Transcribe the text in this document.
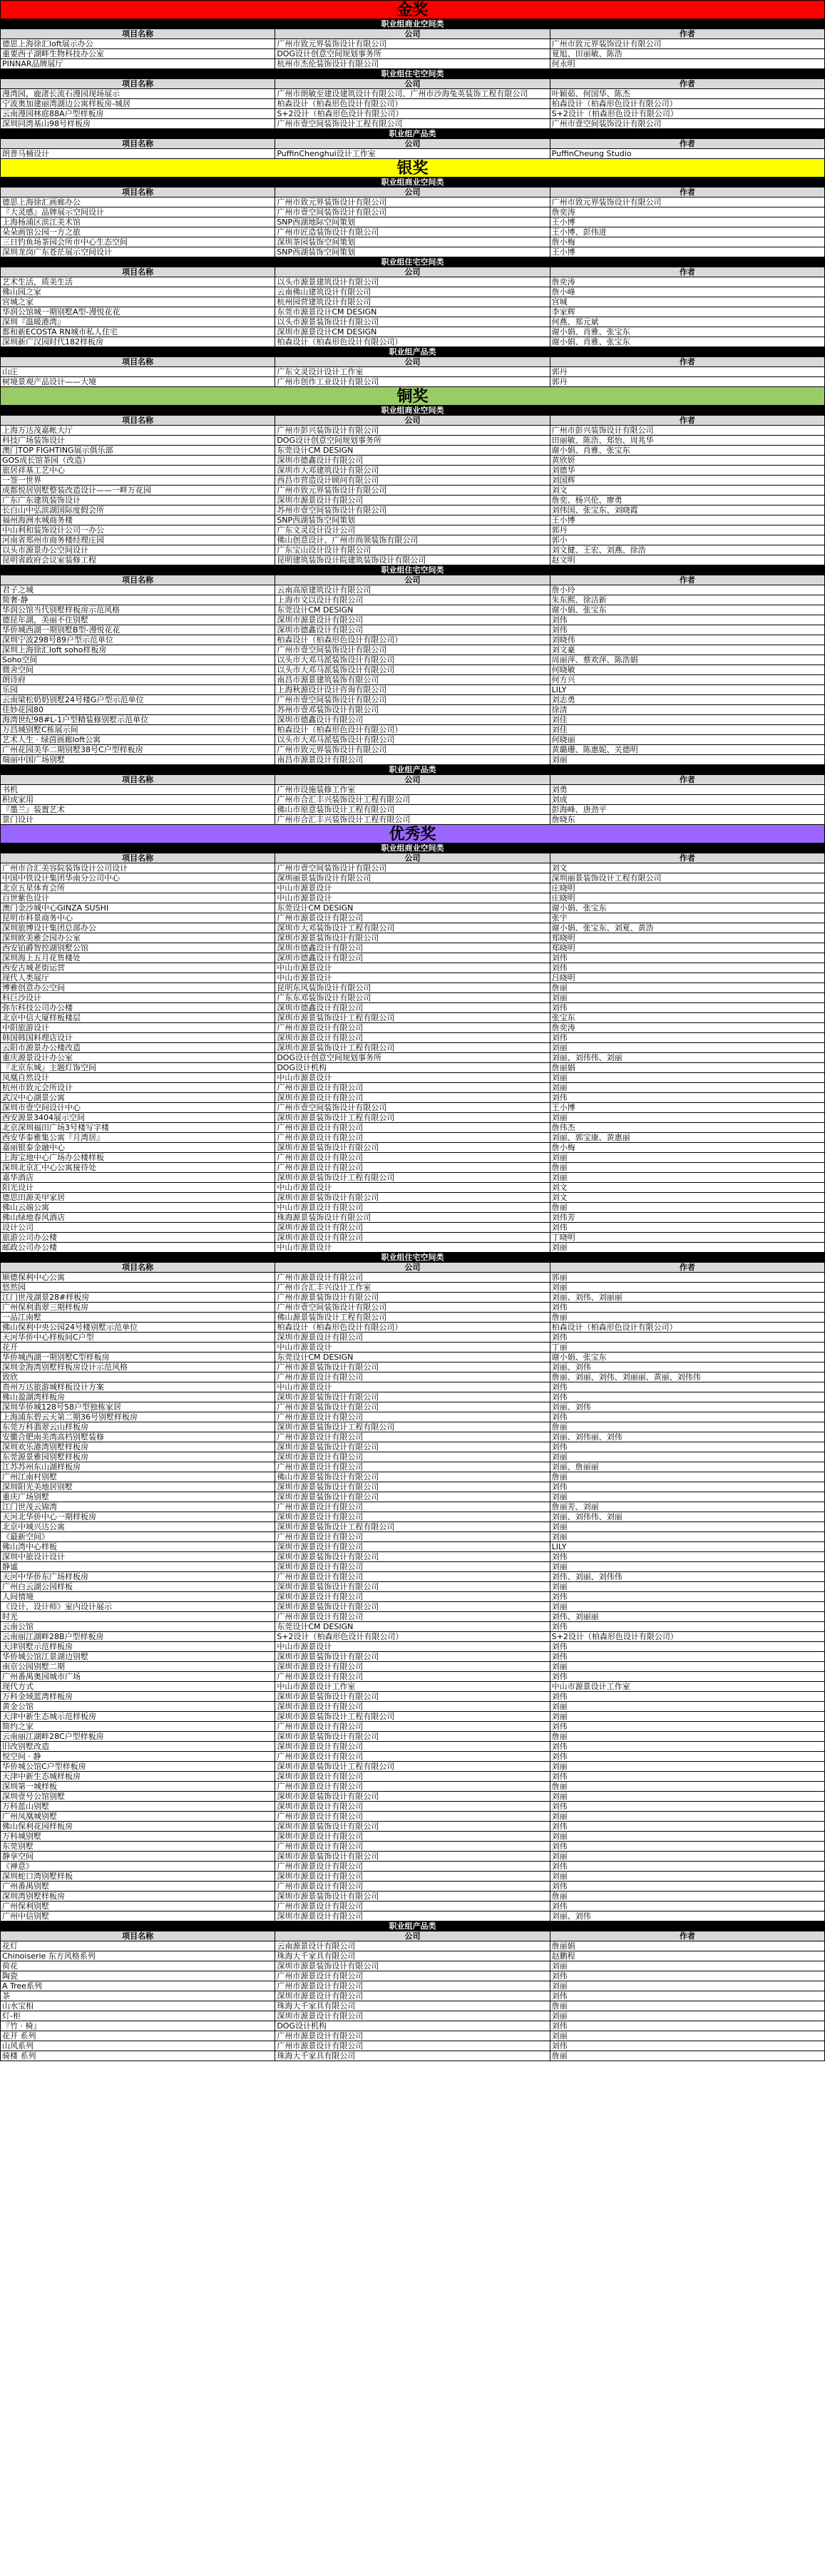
金奖		
职业组商业空间类		
项目名称	公司	作者
德思上海徐汇loft展示办公	广州市致元界装饰设计有限公司	广州市致元界装饰设计有限公司
重要西子湖畔生物科技办公室	DOG设计创意空间规划事务所	夏旭、田丽敏、陈浩
PINNAR品牌展厅	杭州市杰伦装饰设计有限公司	何永明
职业组住宅空间类		
项目名称	公司	作者
漫湾园，鹿渚长流石漫园现场展示	广州市朗敏至建设建筑设计有限公司、广州市沙海兔英装饰工程有限公司	叶颖茹、何国华、陈杰
宁波奥加建丽湾湖边公寓样板房-城居	柏森设计（柏森形色设计有限公司）	柏森设计（柏森形色设计有限公司）
云南漫园林庭88A户型样板房	S+2设计（柏森形色设计有限公司）	S+2设计（柏森形色设计有限公司）
深圳同湾基山98号样板房	广州市壹空间装饰设计工程有限公司	广州市壹空间装饰设计有限公司
职业组产品类		
项目名称	公司	作者
朗普马桶设计	PuffinChenghui设计工作室	PuffinCheung Studio
银奖		
职业组商业空间类		
项目名称	公司	作者
德思上海徐汇画廊办公	广州市致元界装饰设计有限公司	广州市致元界装饰设计有限公司
『大灵感』品牌展示空间设计	广州市壹空间装饰设计有限公司	詹奕涛
上海杨浦区滨江美术馆	SNP西湖地际空间策划	王小博
朵朵画馆公园一方之旅	广州市匠造装饰设计有限公司	王小博、彭伟进
三日钓鱼场茶园会所市中心生态空间	深圳茶园装饰空间策划	詹小梅
深圳龙岗广东苍茫展示空间设计	SNP西湖装饰空间策划	王小博
职业组住宅空间类		
项目名称	公司	作者
艺术生活，质美生活	以头市源景建筑设计有限公司	詹奕涛
佛山园之家	云南佛山建筑设计有限公司	詹小峰
宫城之家	杭州园营建筑设计有限公司	宫城
华润公馆城一期别墅A型-漫悦花花	东莞市源景设计CM DESIGN	李家辉
深圳『温暖港湾』	以头市源景装饰设计有限公司	何燕、郑元斌
都和新ECOSTA RN城市私人住宅	深圳市源景设计CM DESIGN	谢小娟、肖雅、张宝东
深圳新广汉园时代182样板房	柏森设计（柏森形色设计有限公司）	谢小娟、肖雅、张宝东
职业组产品类		
项目名称	公司	作者
山庄	广东文灵设计设计工作室	郭丹
树境景观产品设计——大境	广州市创作工业设计有限公司	郭丹
铜奖		
职业组商业空间类		
项目名称	公司	作者
上海万达茂嘉帐大厅	广州市彭兴装饰设计有限公司	广州市彭兴装饰设计有限公司
科技广场装饰设计	DOG设计创意空间规划事务所	田丽敏、陈浩、郑怡、周兆华
澳门TOP FIGHTING展示俱乐部	东莞设计CM DESIGN	谢小娟、肖雅、张宝东
GOS成长馆茶园（改造）	深圳市德鑫设计有限公司	黄欣妍
旅居祥基工艺中心	深圳市大邓建筑设计有限公司	刘德华
一签一世界	西昌市营造设计顾问有限公司	刘国辉
成都悦居别墅整装改造设计——一畔万花园	广州市致元界装饰设计有限公司	刘文
广东广东建筑装饰设计	深圳市源景设计有限公司	詹奕、杨兴伦、廖勇
长白山中弘滨湖国际度假会所	苏州市壹空间装饰设计有限公司	刘伟国、张宝东、刘晓霞
福州海洲水城商务楼	SNP西湖装饰空间策划	王小博
中山利和装饰设计公司一办公	广东文灵设计设计公司	郭丹
河南省郑州市商务楼经理庄园	佛山创意设计、广州市尚领装饰有限公司	郭小
以头市源景办公空间设计	广东宝山设计设计有限公司	刘文健、王宏、刘燕、徐浩
昆明省政府会议室装修工程	昆明建筑装饰设计院建筑装饰设计有限公司	赵文明
职业组住宅空间类		
项目名称	公司	作者
君子之城	云南高原建筑设计有限公司	詹小玲
简奢·静	上海市文以设计有限公司	朱东熙、徐洁新
华润公馆当代别墅样板房示范风格	东莞设计CM DESIGN	谢小娟、张宝东
德昆年湖，美丽不住别墅	深圳市源景设计有限公司	刘伟
华侨城西湖一期别墅B型-漫悦花花	深圳市德鑫设计有限公司	刘伟
深圳宁波298号89户型示范单位	柏森设计（柏森形色设计有限公司）	刘晓伟
深圳上海徐汇loft soho样板房	广州市壹空间装饰设计有限公司	刘文豪
Soho空间	以头市大邓马派装饰设计有限公司	周丽萍、蔡欢萍、陈浩娟
微舍空间	以头市大邓马派装饰设计有限公司	何晓敏
朗诗府	南昌市源景建筑装饰有限公司	何方兴
乐园	上海秋源设计设计咨询有限公司	LILY
云南梁松奶奶别墅24号楼G户型示范单位	广州市壹空间装饰设计有限公司	刘志勇
佳妙花园80	苏州市壹邓装饰设计有限公司	徐清
海湾世纪98#L-1户型精装修别墅示范单位	深圳市德鑫设计有限公司	刘佳
万昌城别墅C栋展示间	柏森设计（柏森形色设计有限公司）	刘佳
艺术人生 · 绿茵画廊loft公寓	以头市大邓马派装饰设计有限公司	何晓丽
广州花园美华二期别墅38号C户型样板房	广州市致元界装饰设计有限公司	黄璐珊、陈惠妮、关德明
瑞丽中国广场别墅	南昌市源景设计有限公司	刘丽
职业组产品类		
项目名称	公司	作者
书机	广州市设施装修工作室	刘勇
积成家用	广州市合汇丰兴装饰设计工程有限公司	刘成
『墨兰』装置艺术	佛山市原意装饰设计工程有限公司	彭海峰、唐劲平
景门设计	广州市合汇丰兴装饰设计工程有限公司	詹晓东
优秀奖		
职业组商业空间类		
项目名称	公司	作者
广州市合汇美容院装饰设计公司设计	广州市壹空间装饰设计有限公司	刘文
中国中铁设计集团华南分公司中心	深圳丽景装饰设计有限公司	深圳丽景装饰设计工程有限公司
北京五星体育会所	中山市源景设计	庄晓明
百世紫色设计	中山市源景设计	庄晓明
澳门金沙城中心GINZA SUSHI	东莞设计CM DESIGN	谢小娟、张宝东
昆明市科景商务中心	广州市源景设计有限公司	张宇
深圳旅博设计集团总部办公	深圳市大邓装饰设计工程有限公司	谢小娟、张宝东、刘夏、黄浩
深圳欧美雅会园办公室	深圳市源景装饰设计有限公司	郑晓明
西安铂爵智控湖别墅公馆	深圳市德鑫设计有限公司	郑晓明
深圳海上五月花售楼处	深圳市德鑫设计有限公司	刘伟
西安古城老街运营	中山市源景设计	刘伟
现代人类展厅	中山市源景设计	吕晓明
博雅创意办公空间	昆明东风装饰设计有限公司	詹丽
科巨沙设计	广东东邓装饰设计有限公司	刘丽
弥尔科技公司办公楼	深圳市德鑫设计有限公司	刘伟
北京中信大厦样板楼层	深圳市源景装饰设计工程有限公司	张宝东
中阳旅游设计	广州市源景设计有限公司	詹奕涛
韩国韩国料理店设计	深圳市源景设计有限公司	刘伟
云阳市源景办公楼改造	深圳市源景装饰设计工程有限公司	刘丽
重庆源景设计办公室	DOG设计创意空间规划事务所	刘丽、刘伟伟、刘丽
『北京东城』主题灯饰空间	DOG设计机构	詹丽娟
凤凰自然设计	中山市源景设计	刘丽
杭州市致元会所设计	广州市源景设计有限公司	刘丽
武汉中心湖景公寓	深圳市源景设计有限公司	刘伟
深圳市壹空间设计中心	广州市壹空间装饰设计有限公司	王小博
西安源景3404展示空间	深圳市源景装饰设计工程有限公司	刘丽
北京深圳福田广场3号楼写字楼	广州市源景设计有限公司	詹伟杰
西安华泰雅集公寓『月湾居』	广州市源景设计有限公司	刘丽、郭宝康、黄惠丽
嘉丽银泰金融中心	深圳市源景装饰设计有限公司	詹小梅
上海宝地中心广场办公楼样板	广州市源景设计有限公司	刘丽
深圳北京汇中心公寓接待处	广州市源景设计有限公司	詹丽
嘉华酒店	深圳市源景装饰设计工程有限公司	刘丽
阳光设计	中山市源景设计	刘文
德思田源美甲家居	深圳市源景装饰设计有限公司	刘文
佛山云端公寓	中山市源景设计有限公司	詹丽
佛山绿地春风酒店	珠海源景装饰设计有限公司	刘伟芳
设计公司	深圳市源景设计有限公司	刘伟
旅游公司办公楼	深圳市源景设计有限公司	丁晓明
邮政公司办公楼	中山市源景设计	刘丽
职业组住宅空间类		
项目名称	公司	作者
顺德保利中心公寓	广州市源景设计有限公司	郭丽
悠然园	广州市合汇丰兴设计工作室	刘丽
江门世茂湖景28#样板房	广州市源景装饰设计有限公司	刘丽、刘伟、刘丽丽
广州保利翡翠三期样板房	广州市壹空间装饰设计有限公司	刘伟
一品江南墅	佛山源景装饰设计工程有限公司	詹丽
佛山保利中央公园24号楼别墅示范单位	柏森设计（柏森形色设计有限公司）	柏森设计（柏森形色设计有限公司）
天河华侨中心样板间C户型	深圳市源景设计有限公司	刘伟
花开	中山市源景设计	丁丽
华侨城西湖一期别墅C型样板房	东莞设计CM DESIGN	谢小娟、张宝东
深圳金海湾别墅样板房设计示范风格	广州市源景装饰设计有限公司	刘丽、刘伟
致欣	广州市源景设计有限公司	詹丽、刘丽、刘伟、刘丽丽、黄丽、刘伟伟
贵州万达旅游城样板设计方案	中山市源景设计	刘伟
佛山盈湖湾样板房	深圳市源景装饰设计有限公司	刘伟
深圳华侨城128号58户型独栋家居	广州市源景装饰设计有限公司	刘丽、刘伟
上海浦东碧云天第二期36号别墅样板房	广州市源景设计有限公司	刘伟
东莞万科翡翠云山样板房	深圳市源景装饰设计工程有限公司	詹丽
安徽合肥南美湾高档别墅装修	广州市源景设计有限公司	刘丽、刘伟丽、刘伟
深圳欢乐港湾别墅样板房	深圳市源景装饰设计有限公司	刘伟
东莞源景雅园别墅样板房	深圳市源景设计有限公司	刘丽
江苏苏州东山湖样板房	广州市源景设计有限公司	刘丽、詹丽丽
广州江南村别墅	佛山市源景装饰设计有限公司	詹丽
深圳阳光美地居别墅	深圳市源景装饰设计有限公司	刘伟
重庆广场别墅	深圳市源景装饰设计有限公司	刘丽
江门世茂云锦湾	广州市源景设计有限公司	詹丽芳、刘丽
天河北华侨中心一期样板房	深圳市源景设计有限公司	刘丽、刘伟伟、刘丽
北京中城兴达公寓	深圳市源景装饰设计工程有限公司	刘丽
《最新空间》	广州市源景设计有限公司	刘丽
佛山湾中心样板	深圳市源景设计有限公司	LILY
深圳中旅设计设计	深圳市源景装饰设计有限公司	刘伟
静谧	深圳市源景设计有限公司	刘丽
天河中华侨东广场样板房	广州市源景设计有限公司	刘伟、刘丽、刘伟伟
广州白云湖公园样板	深圳市源景装饰设计有限公司	刘丽
人间情境	深圳市源景设计有限公司	刘伟
《设计、设计师》室内设计展示	深圳市源景装饰设计有限公司	刘丽
时光	广州市源景设计有限公司	刘伟、刘丽丽
云南公馆	东莞设计CM DESIGN	刘伟
云南丽江湖畔28B户型样板房	S+2设计（柏森形色设计有限公司）	S+2设计（柏森形色设计有限公司）
天津别墅示范样板房	中山市源景设计	刘伟
华侨城公馆江景湖边别墅	深圳市源景装饰设计有限公司	刘伟
南京公园别墅二期	深圳市源景设计有限公司	刘丽
广州番禺奥园城市广场	广州市源景设计有限公司	刘伟
现代方式	中山市源景设计工作室	中山市源景设计工作室
万科金域蓝湾样板房	深圳市源景装饰设计有限公司	刘伟
黄金公馆	深圳市源景设计有限公司	刘丽
天津中新生态城示范样板房	深圳市源景装饰设计工程有限公司	刘丽
简约之家	广州市源景设计有限公司	刘伟
云南丽江湖畔28C户型样板房	深圳市源景装饰设计有限公司	詹丽
旧改别墅改造	深圳市源景设计有限公司	刘伟
悦空间 · 静	广州市源景设计有限公司	刘伟
华侨城公馆C户型样板房	深圳市源景装饰设计工程有限公司	刘丽
天津中新生态城样板房	深圳市源景设计有限公司	刘伟
深圳第一城样板	广州市源景设计有限公司	詹丽
深圳壹号公馆别墅	深圳市源景装饰设计有限公司	刘丽
万科蓝山别墅	深圳市源景设计有限公司	刘伟
广州凤凰城别墅	广州市源景设计有限公司	刘丽
佛山保利花园样板房	深圳市源景装饰设计有限公司	刘伟
万科城别墅	深圳市源景设计有限公司	刘丽
东莞别墅	广州市源景设计有限公司	刘伟
静享空间	深圳市源景装饰设计有限公司	刘丽
《禅意》	广州市源景设计有限公司	刘伟
深圳蛇口湾别墅样板	深圳市源景设计有限公司	刘丽
广州番禺别墅	广州市源景设计有限公司	刘伟
深圳湾别墅样板房	深圳市源景装饰设计有限公司	詹丽
广州保利别墅	广州市源景设计有限公司	刘伟
广州中信别墅	深圳市源景设计有限公司	刘丽、刘伟
职业组产品类		
项目名称	公司	作者
花灯	云南源景设计有限公司	詹丽娟
Chinoiserie 东方风格系列	珠海大千家具有限公司	赵鹏程
荷花	深圳市源景装饰设计有限公司	刘丽
陶瓷	广州市源景设计有限公司	刘伟
A Tree系列	广州市源景设计有限公司	刘丽
茶	深圳市源景设计有限公司	刘伟
山水宝相	珠海大千家具有限公司	詹丽
灯-柜	深圳市源景设计有限公司	刘丽
『竹 · 椅』	DOG设计机构	刘伟
花开 系列	广州市源景设计有限公司	刘丽
山风系列	广州市源景设计有限公司	刘伟
骑楼 系列	珠海大千家具有限公司	詹丽
